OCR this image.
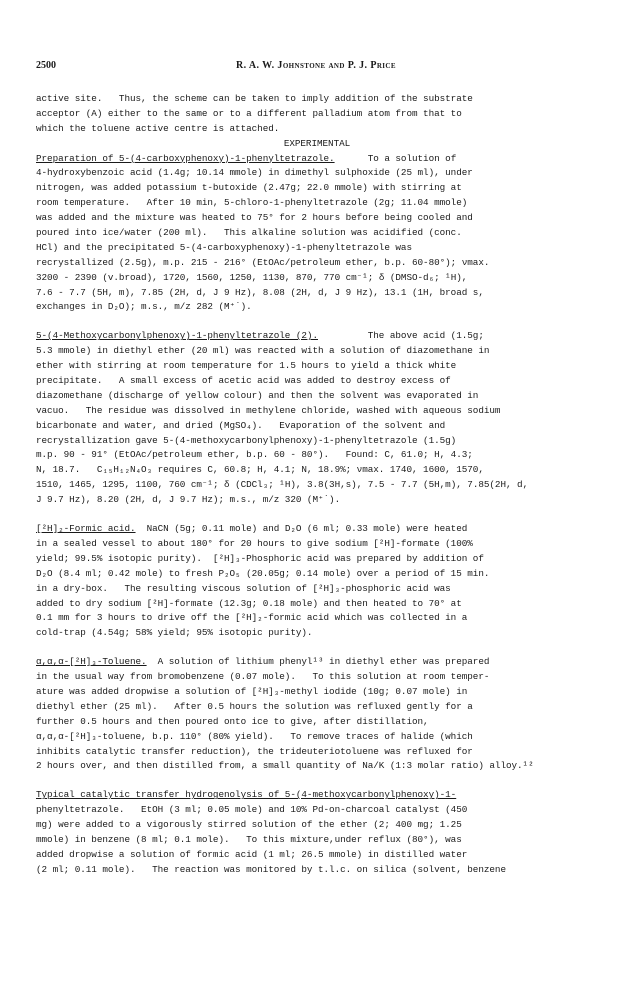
2500	R. A. W. Johnstone and P. J. Price
active site.   Thus, the scheme can be taken to imply addition of the substrate
acceptor (A) either to the same or to a different palladium atom from that to
which the toluene active centre is attached.
EXPERIMENTAL
Preparation of 5-(4-carboxyphenoxy)-1-phenyltetrazole.      To a solution of
4-hydroxybenzoic acid (1.4g; 10.14 mmole) in dimethyl sulphoxide (25 ml), under
nitrogen, was added potassium t-butoxide (2.47g; 22.0 mmole) with stirring at
room temperature.   After 10 min, 5-chloro-1-phenyltetrazole (2g; 11.04 mmole)
was added and the mixture was heated to 75° for 2 hours before being cooled and
poured into ice/water (200 ml).   This alkaline solution was acidified (conc.
HCl) and the precipitated 5-(4-carboxyphenoxy)-1-phenyltetrazole was
recrystallized (2.5g), m.p. 215 - 216° (EtOAc/petroleum ether, b.p. 60-80°); νmax.
3200 - 2390 (v.broad), 1720, 1560, 1250, 1130, 870, 770 cm⁻¹; δ (DMSO-d₆; ¹H),
7.6 - 7.7 (5H, m), 7.85 (2H, d, J 9 Hz), 8.08 (2H, d, J 9 Hz), 13.1 (1H, broad s,
exchanges in D₂O); m.s., m/z 282 (M⁺˙).
5-(4-Methoxycarbonylphenoxy)-1-phenyltetrazole (2).         The above acid (1.5g;
5.3 mmole) in diethyl ether (20 ml) was reacted with a solution of diazomethane in
ether with stirring at room temperature for 1.5 hours to yield a thick white
precipitate.   A small excess of acetic acid was added to destroy excess of
diazomethane (discharge of yellow colour) and then the solvent was evaporated in
vacuo.   The residue was dissolved in methylene chloride, washed with aqueous sodium
bicarbonate and water, and dried (MgSO₄).   Evaporation of the solvent and
recrystallization gave 5-(4-methoxycarbonylphenoxy)-1-phenyltetrazole (1.5g)
m.p. 90 - 91° (EtOAc/petroleum ether, b.p. 60 - 80°).   Found: C, 61.0; H, 4.3;
N, 18.7.   C₁₅H₁₂N₄O₃ requires C, 60.8; H, 4.1; N, 18.9%; νmax. 1740, 1600, 1570,
1510, 1465, 1295, 1100, 760 cm⁻¹; δ (CDCl₃; ¹H), 3.8(3H,s), 7.5 - 7.7 (5H,m), 7.85(2H, d,
J 9.7 Hz), 8.20 (2H, d, J 9.7 Hz); m.s., m/z 320 (M⁺˙).
[²H]₂-Formic acid.  NaCN (5g; 0.11 mole) and D₂O (6 ml; 0.33 mole) were heated
in a sealed vessel to about 180° for 20 hours to give sodium [²H]-formate (100%
yield; 99.5% isotopic purity).  [²H]₃-Phosphoric acid was prepared by addition of
D₂O (8.4 ml; 0.42 mole) to fresh P₂O₅ (20.05g; 0.14 mole) over a period of 15 min.
in a dry-box.   The resulting viscous solution of [²H]₃-phosphoric acid was
added to dry sodium [²H]-formate (12.3g; 0.18 mole) and then heated to 70° at
0.1 mm for 3 hours to drive off the [²H]₂-formic acid which was collected in a
cold-trap (4.54g; 58% yield; 95% isotopic purity).
α,α,α-[²H]₃-Toluene.  A solution of lithium phenyl¹³ in diethyl ether was prepared
in the usual way from bromobenzene (0.07 mole).   To this solution at room temper-
ature was added dropwise a solution of [²H]₃-methyl iodide (10g; 0.07 mole) in
diethyl ether (25 ml).   After 0.5 hours the solution was refluxed gently for a
further 0.5 hours and then poured onto ice to give, after distillation,
α,α,α-[²H]₃-toluene, b.p. 110° (80% yield).   To remove traces of halide (which
inhibits catalytic transfer reduction), the trideuteriotoluene was refluxed for
2 hours over, and then distilled from, a small quantity of Na/K (1:3 molar ratio) alloy.¹²
Typical catalytic transfer hydrogenolysis of 5-(4-methoxycarbonylphenoxy)-1-
phenyltetrazole.   EtOH (3 ml; 0.05 mole) and 10% Pd-on-charcoal catalyst (450
mg) were added to a vigorously stirred solution of the ether (2; 400 mg; 1.25
mmole) in benzene (8 ml; 0.1 mole).   To this mixture,under reflux (80°), was
added dropwise a solution of formic acid (1 ml; 26.5 mmole) in distilled water
(2 ml; 0.11 mole).   The reaction was monitored by t.l.c. on silica (solvent, benzene
